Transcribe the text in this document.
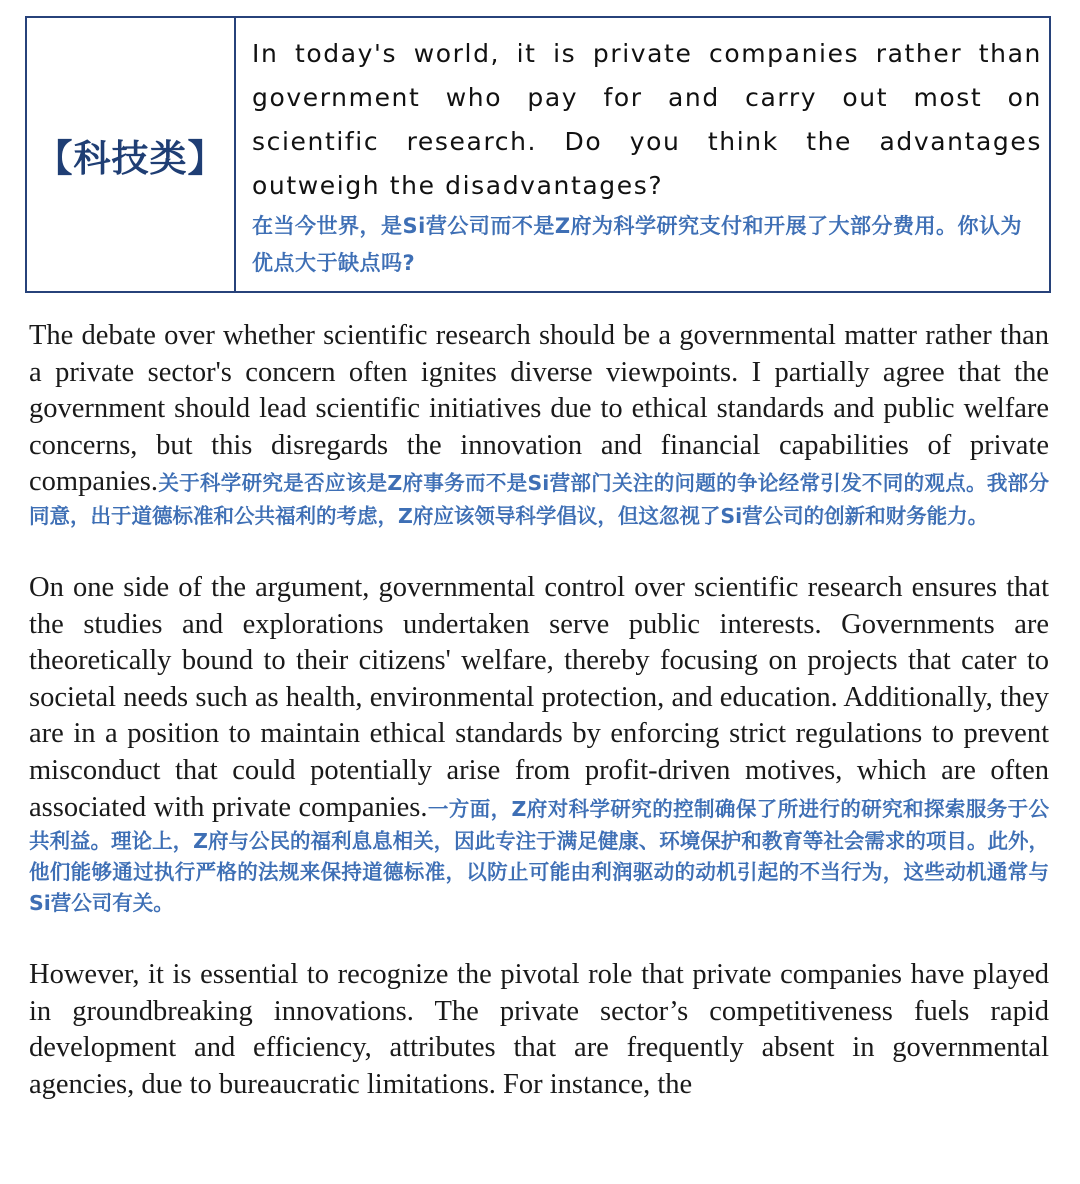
【科技类】

In today's world, it is private companies rather than government who pay for and carry out most on scientific research. Do you think the advantages outweigh the disadvantages?

在当今世界，是Si营公司而不是Z府为科学研究支付和开展了大部分费用。你认为优点大于缺点吗?

The debate over whether scientific research should be a governmental matter rather than a private sector's concern often ignites diverse viewpoints. I partially agree that the government should lead scientific initiatives due to ethical standards and public welfare concerns, but this disregards the innovation and financial capabilities of private companies.关于科学研究是否应该是Z府事务而不是Si营部门关注的问题的争论经常引发不同的观点。我部分同意，出于道德标准和公共福利的考虑，Z府应该领导科学倡议，但这忽视了Si营公司的创新和财务能力。

On one side of the argument, governmental control over scientific research ensures that the studies and explorations undertaken serve public interests. Governments are theoretically bound to their citizens' welfare, thereby focusing on projects that cater to societal needs such as health, environmental protection, and education. Additionally, they are in a position to maintain ethical standards by enforcing strict regulations to prevent misconduct that could potentially arise from profit-driven motives, which are often associated with private companies.一方面，Z府对科学研究的控制确保了所进行的研究和探索服务于公共利益。理论上，Z府与公民的福利息息相关，因此专注于满足健康、环境保护和教育等社会需求的项目。此外，他们能够通过执行严格的法规来保持道德标准，以防止可能由利润驱动的动机引起的不当行为，这些动机通常与Si营公司有关。

However, it is essential to recognize the pivotal role that private companies have played in groundbreaking innovations. The private sector’s competitiveness fuels rapid development and efficiency, attributes that are frequently absent in governmental agencies, due to bureaucratic limitations. For instance, the
